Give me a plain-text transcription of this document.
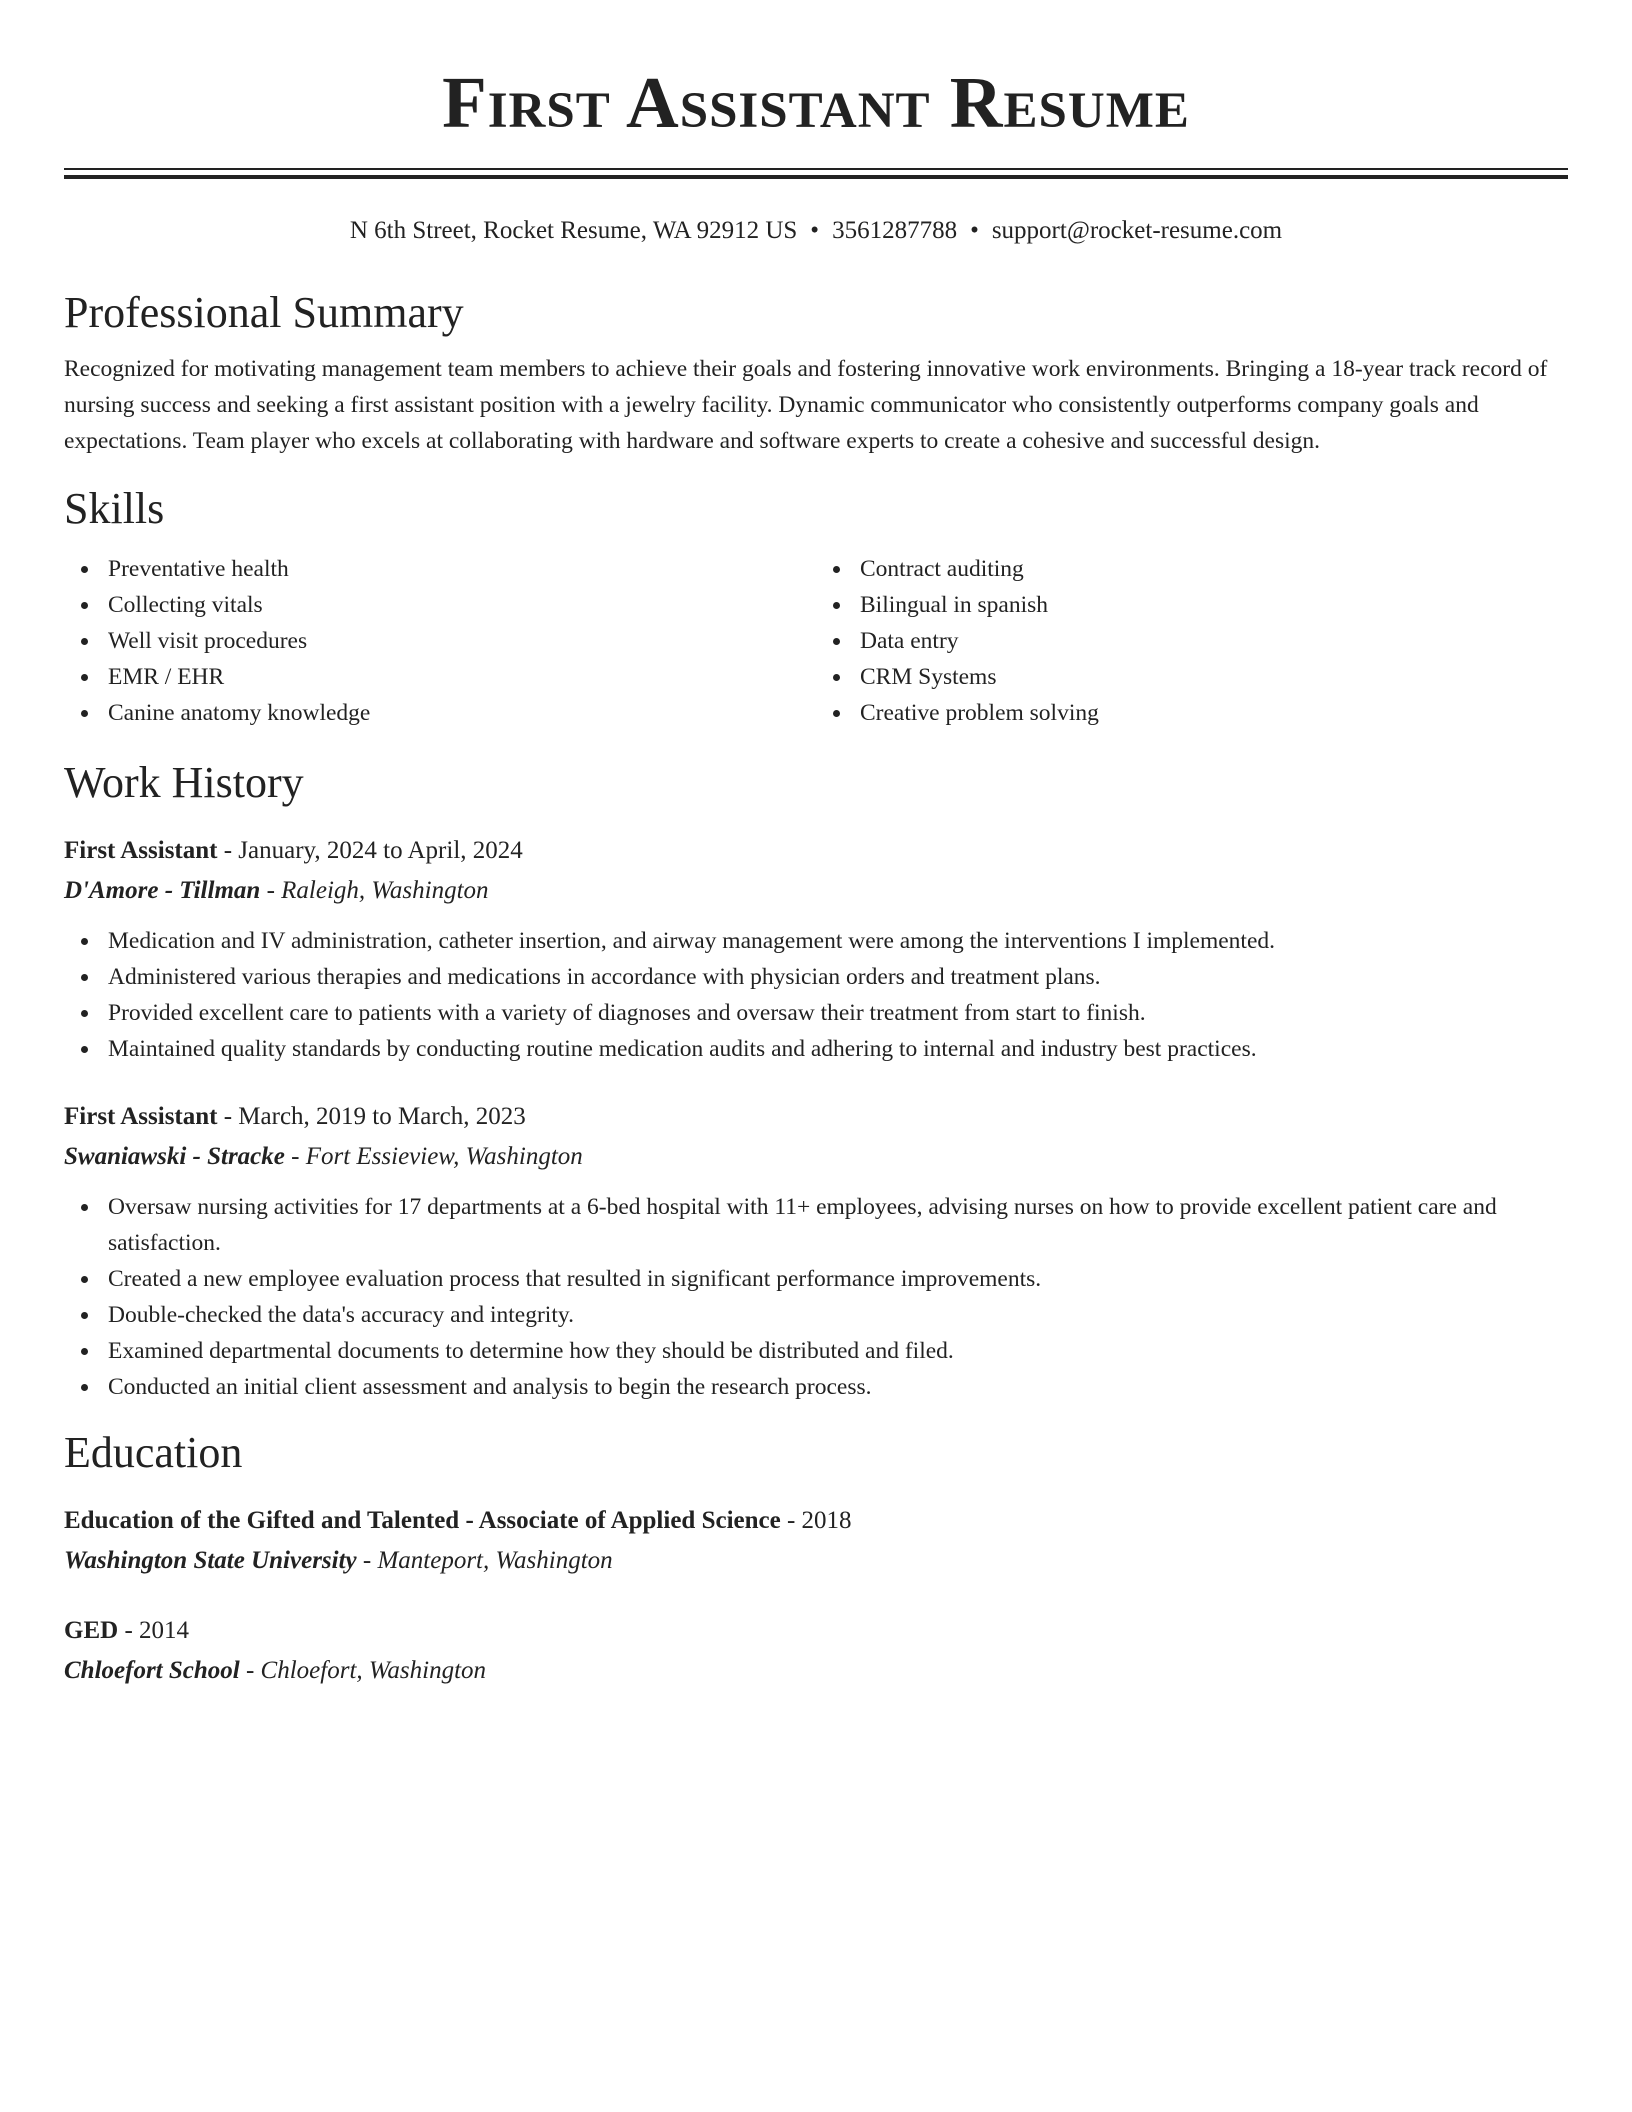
First Assistant Resume
N 6th Street, Rocket Resume, WA 92912 US • 3561287788 • support@rocket-resume.com
Professional Summary

Recognized for motivating management team members to achieve their goals and fostering innovative work environments. Bringing a 18-year track record of nursing success and seeking a first assistant position with a jewelry facility. Dynamic communicator who consistently outperforms company goals and expectations. Team player who excels at collaborating with hardware and software experts to create a cohesive and successful design.

Skills
Preventative health
Collecting vitals
Well visit procedures
EMR / EHR
Canine anatomy knowledge
Contract auditing
Bilingual in spanish
Data entry
CRM Systems
Creative problem solving
Work History
First Assistant - January, 2024 to April, 2024
D'Amore - Tillman - Raleigh, Washington
Medication and IV administration, catheter insertion, and airway management were among the interventions I implemented.
Administered various therapies and medications in accordance with physician orders and treatment plans.
Provided excellent care to patients with a variety of diagnoses and oversaw their treatment from start to finish.
Maintained quality standards by conducting routine medication audits and adhering to internal and industry best practices.
First Assistant - March, 2019 to March, 2023
Swaniawski - Stracke - Fort Essieview, Washington
Oversaw nursing activities for 17 departments at a 6-bed hospital with 11+ employees, advising nurses on how to provide excellent patient care and satisfaction.
Created a new employee evaluation process that resulted in significant performance improvements.
Double-checked the data's accuracy and integrity.
Examined departmental documents to determine how they should be distributed and filed.
Conducted an initial client assessment and analysis to begin the research process.
Education
Education of the Gifted and Talented - Associate of Applied Science - 2018
Washington State University - Manteport, Washington
GED - 2014
Chloefort School - Chloefort, Washington
